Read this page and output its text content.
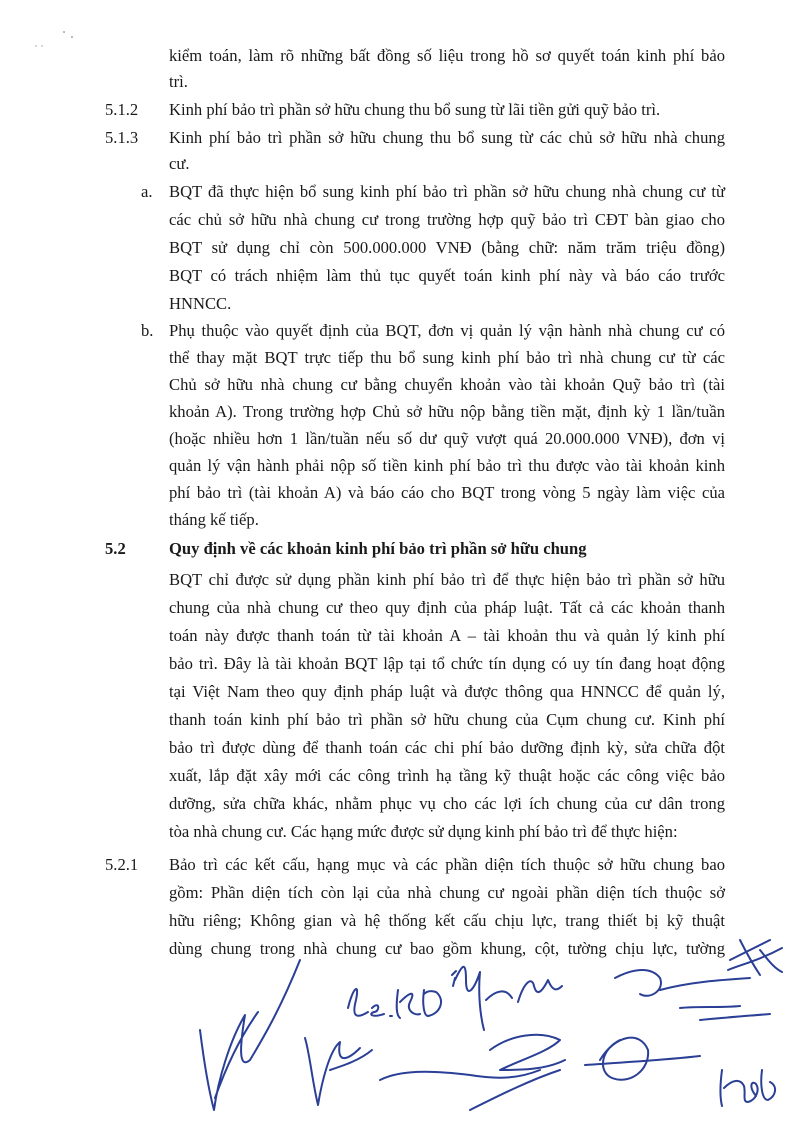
kiểm toán, làm rõ những bất đồng số liệu trong hồ sơ quyết toán kinh phí bảo
trì.
5.1.2 Kinh phí bảo trì phần sở hữu chung thu bổ sung từ lãi tiền gửi quỹ bảo trì.
5.1.3 Kinh phí bảo trì phần sở hữu chung thu bổ sung từ các chủ sở hữu nhà chung
cư.
a. BQT đã thực hiện bổ sung kinh phí bảo trì phần sở hữu chung nhà chung cư từ
các chủ sở hữu nhà chung cư trong trường hợp quỹ bảo trì CĐT bàn giao cho
BQT sử dụng chỉ còn 500.000.000 VNĐ (bằng chữ: năm trăm triệu đồng)
BQT có trách nhiệm làm thủ tục quyết toán kinh phí này và báo cáo trước
HNNCC.
b. Phụ thuộc vào quyết định của BQT, đơn vị quản lý vận hành nhà chung cư có
thể thay mặt BQT trực tiếp thu bổ sung kinh phí bảo trì nhà chung cư từ các
Chủ sở hữu nhà chung cư bằng chuyển khoản vào tài khoản Quỹ bảo trì (tài
khoản A). Trong trường hợp Chủ sở hữu nộp bằng tiền mặt, định kỳ 1 lần/tuần
(hoặc nhiều hơn 1 lần/tuần nếu số dư quỹ vượt quá 20.000.000 VNĐ), đơn vị
quản lý vận hành phải nộp số tiền kinh phí bảo trì thu được vào tài khoản kinh
phí bảo trì (tài khoản A) và báo cáo cho BQT trong vòng 5 ngày làm việc của
tháng kế tiếp.
5.2	Quy định về các khoản kinh phí bảo trì phần sở hữu chung
BQT chỉ được sử dụng phần kinh phí bảo trì để thực hiện bảo trì phần sở hữu
chung của nhà chung cư theo quy định của pháp luật. Tất cả các khoản thanh
toán này được thanh toán từ tài khoản A – tài khoản thu và quản lý kinh phí
bảo trì. Đây là tài khoản BQT lập tại tổ chức tín dụng có uy tín đang hoạt động
tại Việt Nam theo quy định pháp luật và được thông qua HNNCC để quản lý,
thanh toán kinh phí bảo trì phần sở hữu chung của Cụm chung cư. Kinh phí
bảo trì được dùng để thanh toán các chi phí bảo dưỡng định kỳ, sửa chữa đột
xuất, lắp đặt xây mới các công trình hạ tầng kỹ thuật hoặc các công việc bảo
dưỡng, sửa chữa khác, nhằm phục vụ cho các lợi ích chung của cư dân trong
tòa nhà chung cư. Các hạng mức được sử dụng kinh phí bảo trì để thực hiện:
5.2.1 Bảo trì các kết cấu, hạng mục và các phần diện tích thuộc sở hữu chung bao
gồm: Phần diện tích còn lại của nhà chung cư ngoài phần diện tích thuộc sở
hữu riêng; Không gian và hệ thống kết cấu chịu lực, trang thiết bị kỹ thuật
dùng chung trong nhà chung cư bao gồm khung, cột, tường chịu lực, tường
